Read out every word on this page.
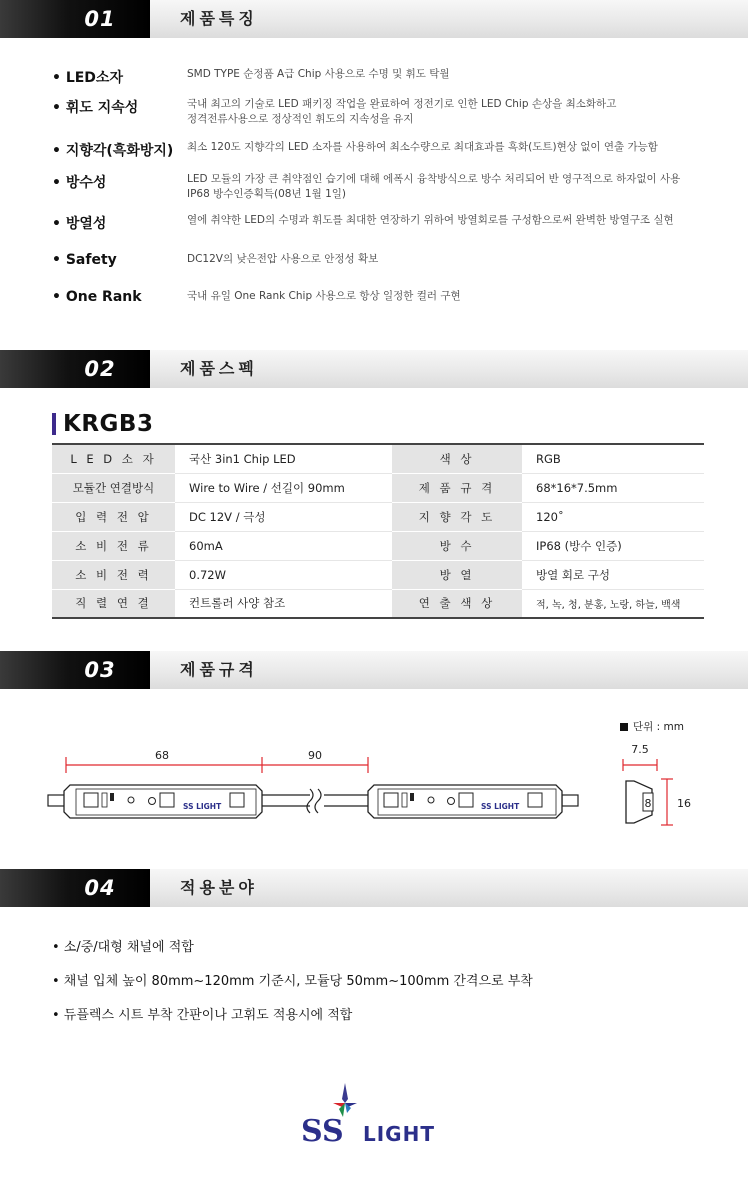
01	제품특징
• LED소자	SMD TYPE 순정품 A급 Chip 사용으로 수명 및 휘도 탁월
• 휘도 지속성	국내 최고의 기술로 LED 패키징 작업을 완료하여 정전기로 인한 LED Chip 손상을 최소화하고
정격전류사용으로 정상적인 휘도의 지속성을 유지
• 지향각(흑화방지) 최소 120도 지향각의 LED 소자를 사용하여 최소수량으로 최대효과를 흑화(도트)현상 없이 연출 가능함
• 방수성	LED 모듈의 가장 큰 취약점인 습기에 대해 에폭시 융착방식으로 방수 처리되어 반 영구적으로 하자없이 사용
IP68 방수인증획득(08년 1월 1일)
• 방열성	열에 취약한 LED의 수명과 휘도를 최대한 연장하기 위하여 방열회로를 구성함으로써 완벽한 방열구조 실현
• Safety	DC12V의 낮은전압 사용으로 안정성 확보
• One Rank	국내 유일 One Rank Chip 사용으로 항상 일정한 컬러 구현
02	제품스펙
KRGB3
L E D 소 자	국산 3in1 Chip LED	색 상	RGB
모듈간 연결방식	Wire to Wire / 선길이 90mm	제 품 규 격	68*16*7.5mm
입 력 전 압	DC 12V / 극성	지 향 각 도	120˚
소 비 전 류	60mA	방 수	IP68 (방수 인증)
소 비 전 력	0.72W	방 열	방열 회로 구성
직 렬 연 결	컨트롤러 사양 참조	연 출 색 상	적, 녹, 청, 분홍, 노랑, 하늘, 백색
03	제품규격
단위 : mm
68	90
SS LIGHT	SS LIGHT
7.5
8 16
04	적용분야
• 소/중/대형 채널에 적합
• 채널 입체 높이 80mm~120mm 기준시, 모듈당 50mm~100mm 간격으로 부착
• 듀플렉스 시트 부착 간판이나 고휘도 적용시에 적합
SS LIGHT
